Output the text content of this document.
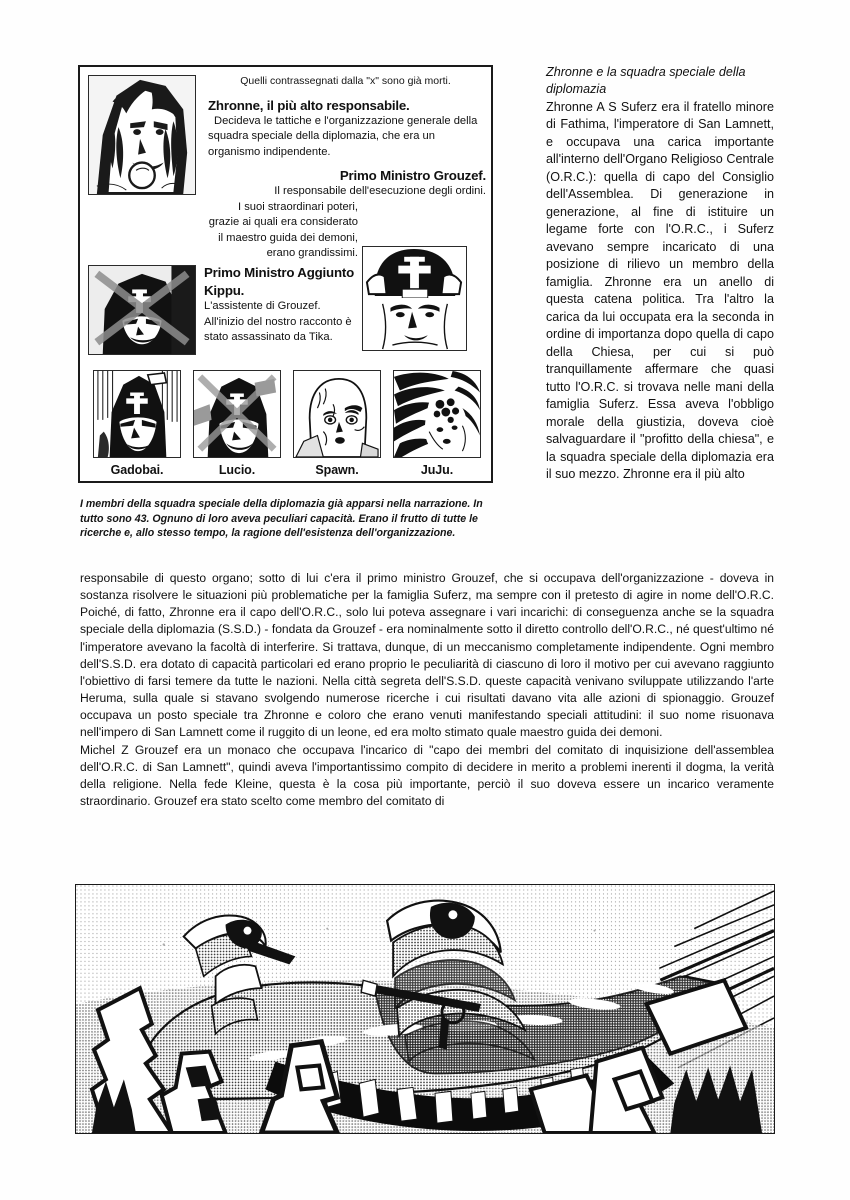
Gadobai.	Lucio.	Spawn.	JuJu.
Quelli contrassegnati dalla "x" sono già morti.
Zhronne, il più alto responsabile.
Decideva le tattiche e l'organizzazione generale della squadra speciale della diplomazia, che era un organismo indipendente.
Primo Ministro Grouzef.
Il responsabile dell'esecuzione degli ordini.
I suoi straordinari poteri, grazie ai quali era considerato il maestro guida dei demoni, erano grandissimi.
Primo Ministro Aggiunto Kippu.
L'assistente di Grouzef. All'inizio del nostro racconto è stato assassinato da Tika.
I membri della squadra speciale della diplomazia già apparsi nella narrazione. In tutto sono 43. Ognuno di loro aveva peculiari capacità. Erano il frutto di tutte le ricerche e, allo stesso tempo, la ragione dell'esistenza dell'organizzazione.
Zhronne e la squadra speciale della diplomazia
Zhronne A S Suferz era il fratello minore di Fathima, l'imperatore di San Lamnett, e occupava una carica importante all'interno dell'Organo Religioso Centrale (O.R.C.): quella di capo del Consiglio dell'Assemblea. Di generazione in generazione, al fine di istituire un legame forte con l'O.R.C., i Suferz avevano sempre incaricato di una posizione di rilievo un membro della famiglia. Zhronne era un anello di questa catena politica. Tra l'altro la carica da lui occupata era la seconda in ordine di importanza dopo quella di capo della Chiesa, per cui si può tranquillamente affermare che quasi tutto l'O.R.C. si trovava nelle mani della famiglia Suferz. Essa aveva l'obbligo morale della giustizia, doveva cioè salvaguardare il "profitto della chiesa", e la squadra speciale della diplomazia era il suo mezzo. Zhronne era il più alto

responsabile di questo organo; sotto di lui c'era il primo ministro Grouzef, che si occupava dell'organizzazione - doveva in sostanza risolvere le situazioni più problematiche per la famiglia Suferz, ma sempre con il pretesto di agire in nome dell'O.R.C. Poiché, di fatto, Zhronne era il capo dell'O.R.C., solo lui poteva assegnare i vari incarichi: di conseguenza anche se la squadra speciale della diplomazia (S.S.D.) - fondata da Grouzef - era nominalmente sotto il diretto controllo dell'O.R.C., né quest'ultimo né l'imperatore avevano la facoltà di interferire. Si trattava, dunque, di un meccanismo completamente indipendente. Ogni membro dell'S.S.D. era dotato di capacità particolari ed erano proprio le peculiarità di ciascuno di loro il motivo per cui avevano raggiunto l'obiettivo di farsi temere da tutte le nazioni. Nella città segreta dell'S.S.D. queste capacità venivano sviluppate utilizzando l'arte Heruma, sulla quale si stavano svolgendo numerose ricerche i cui risultati davano vita alle azioni di spionaggio. Grouzef occupava un posto speciale tra Zhronne e coloro che erano venuti manifestando speciali attitudini: il suo nome risuonava nell'impero di San Lamnett come il ruggito di un leone, ed era molto stimato quale maestro guida dei demoni.

Michel Z Grouzef era un monaco che occupava l'incarico di "capo dei membri del comitato di inquisizione dell'assemblea dell'O.R.C. di San Lamnett", quindi aveva l'importantissimo compito di decidere in merito a problemi inerenti il dogma, la verità della religione. Nella fede Kleine, questa è la cosa più importante, perciò il suo doveva essere un incarico veramente straordinario. Grouzef era stato scelto come membro del comitato di
